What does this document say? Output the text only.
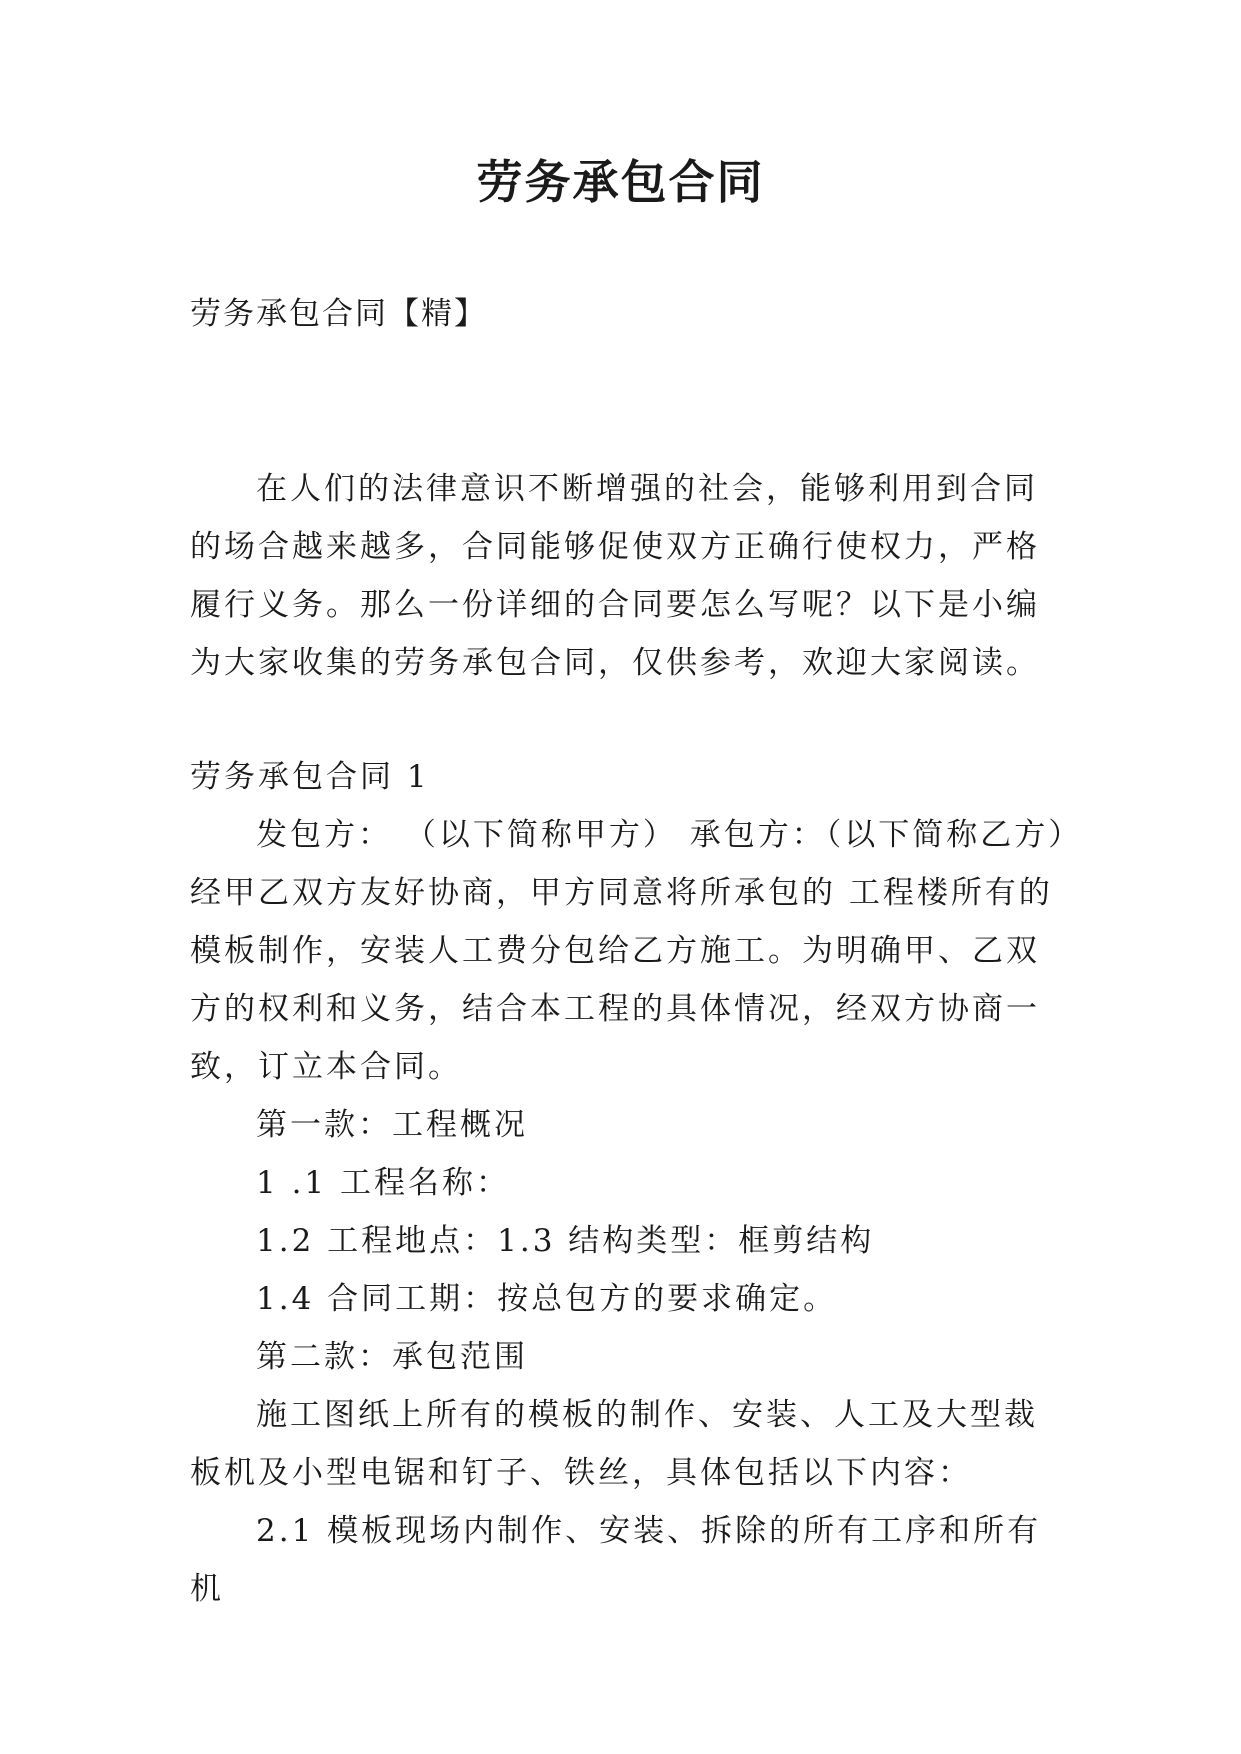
劳务承包合同
劳务承包合同【精】

在人们的法律意识不断增强的社会，能够利用到合同的场合越来越多，合同能够促使双方正确行使权力，严格履行义务。那么一份详细的合同要怎么写呢？以下是小编为大家收集的劳务承包合同，仅供参考，欢迎大家阅读。

劳务承包合同 1

发包方： （以下简称甲方） 承包方：（以下简称乙方）经甲乙双方友好协商，甲方同意将所承包的 工程楼所有的模板制作，安装人工费分包给乙方施工。为明确甲、乙双方的权利和义务，结合本工程的具体情况，经双方协商一致，订立本合同。

第一款：工程概况

1 .1 工程名称：

1.2 工程地点：1.3 结构类型：框剪结构

1.4 合同工期：按总包方的要求确定。

第二款：承包范围

施工图纸上所有的模板的制作、安装、人工及大型裁板机及小型电锯和钉子、铁丝，具体包括以下内容：

2.1 模板现场内制作、安装、拆除的所有工序和所有机
